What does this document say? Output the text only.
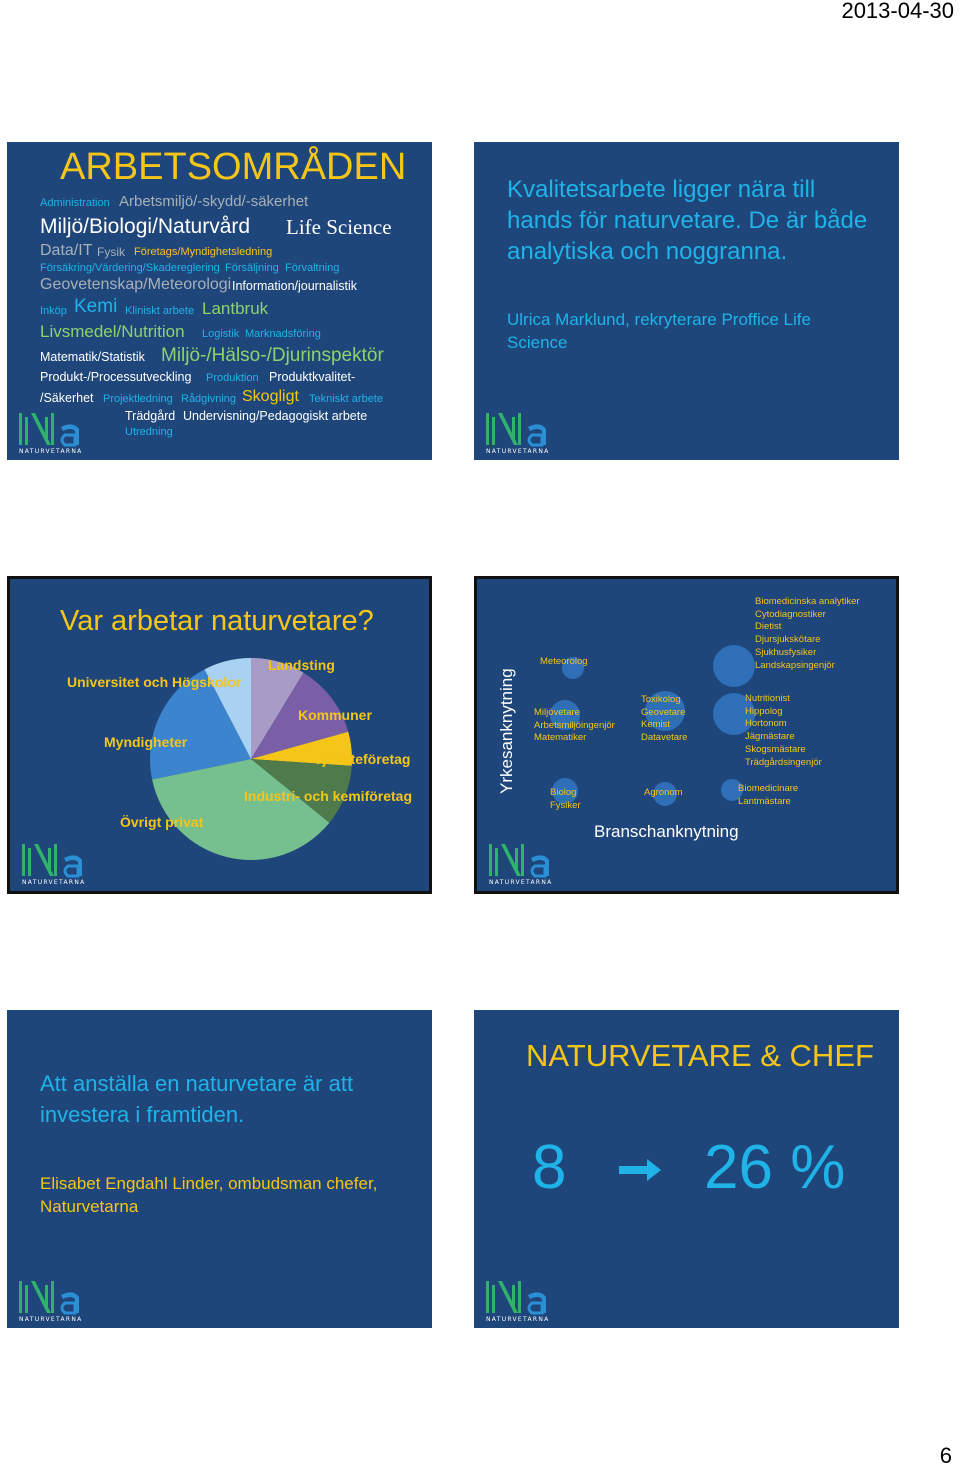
2013-04-30
ARBETSOMRÅDEN
Administration Arbetsmiljö/-skydd/-säkerhet
Miljö/Biologi/Naturvård Life Science
Data/IT Fysik Företags/Myndighetsledning
Försäkring/Värdering/Skadereglering Försäljning Förvaltning
Geovetenskap/Meteorologi Information/journalistik
Inköp Kemi Kliniskt arbete Lantbruk
Livsmedel/Nutrition Logistik Marknadsföring
Matematik/Statistik Miljö-/Hälso-/Djurinspektör
Produkt-/Processutveckling Produktion Produktkvalitet-
/Säkerhet Projektledning Rådgivning Skogligt Tekniskt arbete
Trädgård Undervisning/Pedagogiskt arbete
Utredning
NATURVETARNA
Kvalitetsarbete ligger nära till hands för naturvetare. De är både analytiska och noggranna.
Ulrica Marklund, rekryterare Proffice Life Science
NATURVETARNA
Var arbetar naturvetare?
Universitet och Högskolor
Landsting
Kommuner
Myndigheter
Tjänsteföretag
Industri- och kemiföretag
Övrigt privat
NATURVETARNA
Yrkesanknytning
Branschanknytning
Meteorolog
Miljövetare
Arbetsmiljöingenjör
Matematiker
Biolog
Fysiker
Toxikolog
Geovetare
Kemist
Datavetare
Agronom
Biomedicinska analytiker
Cytodiagnostiker
Dietist
Djursjukskötare
Sjukhusfysiker
Landskapsingenjör
Nutritionist
Hippolog
Hortonom
Jägmästare
Skogsmästare
Trädgårdsingenjör
Biomedicinare
Lantmästare
NATURVETARNA
Att anställa en naturvetare är att investera i framtiden.
Elisabet Engdahl Linder, ombudsman chefer, Naturvetarna
NATURVETARNA
NATURVETARE & CHEF
8 26 %
NATURVETARNA
6
